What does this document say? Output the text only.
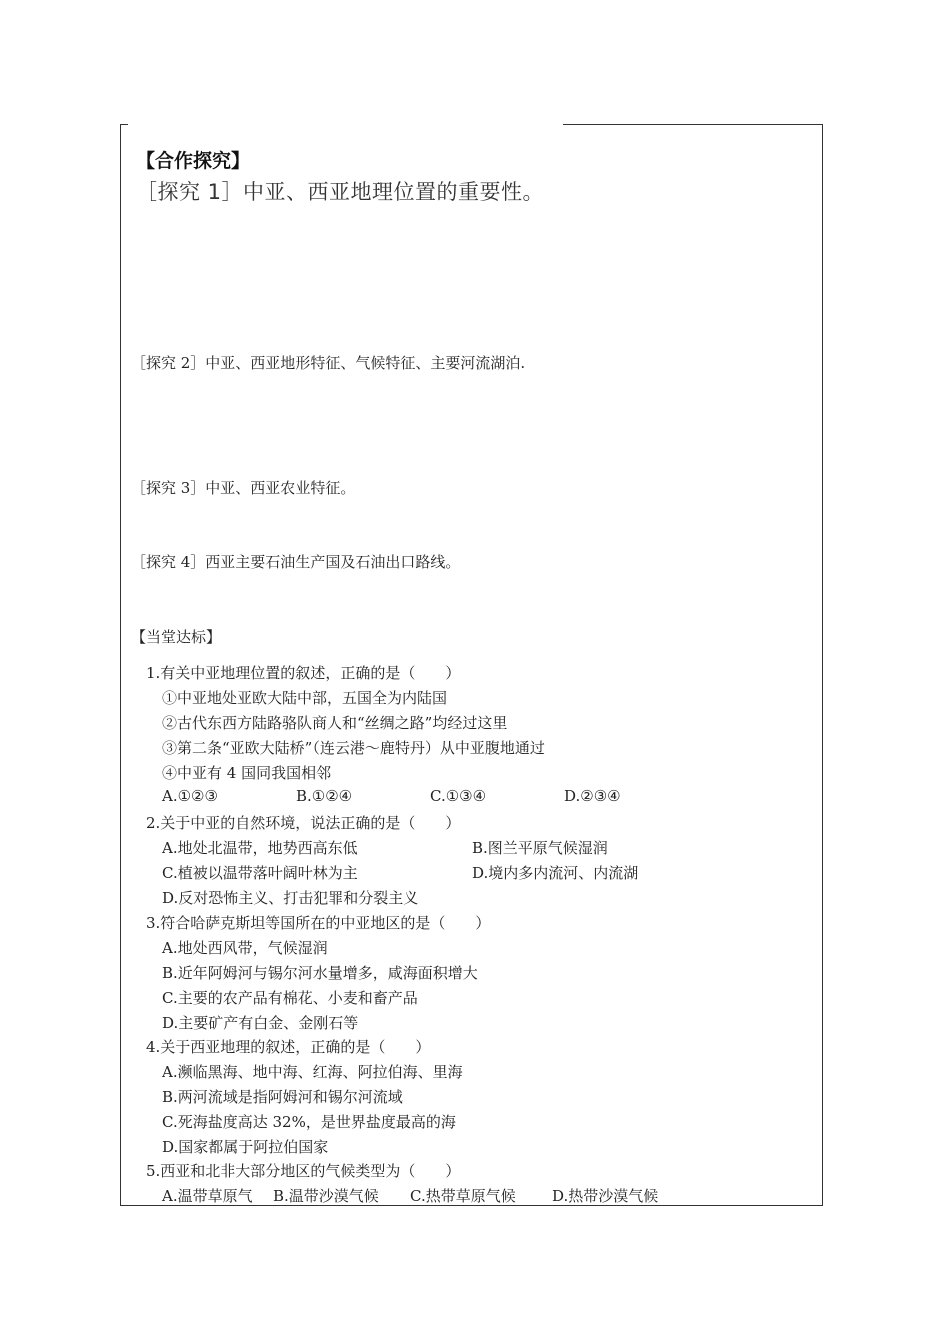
【合作探究】
［探究 1］中亚、西亚地理位置的重要性。
［探究 2］中亚、西亚地形特征、气候特征、主要河流湖泊.
［探究 3］中亚、西亚农业特征。
［探究 4］西亚主要石油生产国及石油出口路线。
【当堂达标】
1.有关中亚地理位置的叙述，正确的是（　　）
①中亚地处亚欧大陆中部，五国全为内陆国
②古代东西方陆路骆队商人和“丝绸之路”均经过这里
③第二条“亚欧大陆桥”（连云港～鹿特丹）从中亚腹地通过
④中亚有 4 国同我国相邻
A.①②③	B.①②④	C.①③④	D.②③④
2.关于中亚的自然环境，说法正确的是（　　）
A.地处北温带，地势西高东低	B.图兰平原气候湿润
C.植被以温带落叶阔叶林为主	D.境内多内流河、内流湖
D.反对恐怖主义、打击犯罪和分裂主义
3.符合哈萨克斯坦等国所在的中亚地区的是（　　）
A.地处西风带，气候湿润
B.近年阿姆河与锡尔河水量增多，咸海面积增大
C.主要的农产品有棉花、小麦和畜产品
D.主要矿产有白金、金刚石等
4.关于西亚地理的叙述，正确的是（　　）
A.濒临黑海、地中海、红海、阿拉伯海、里海
B.两河流域是指阿姆河和锡尔河流域
C.死海盐度高达 32%，是世界盐度最高的海
D.国家都属于阿拉伯国家
5.西亚和北非大部分地区的气候类型为（　　）
A.温带草原气 B.温带沙漠气候 C.热带草原气候 D.热带沙漠气候
